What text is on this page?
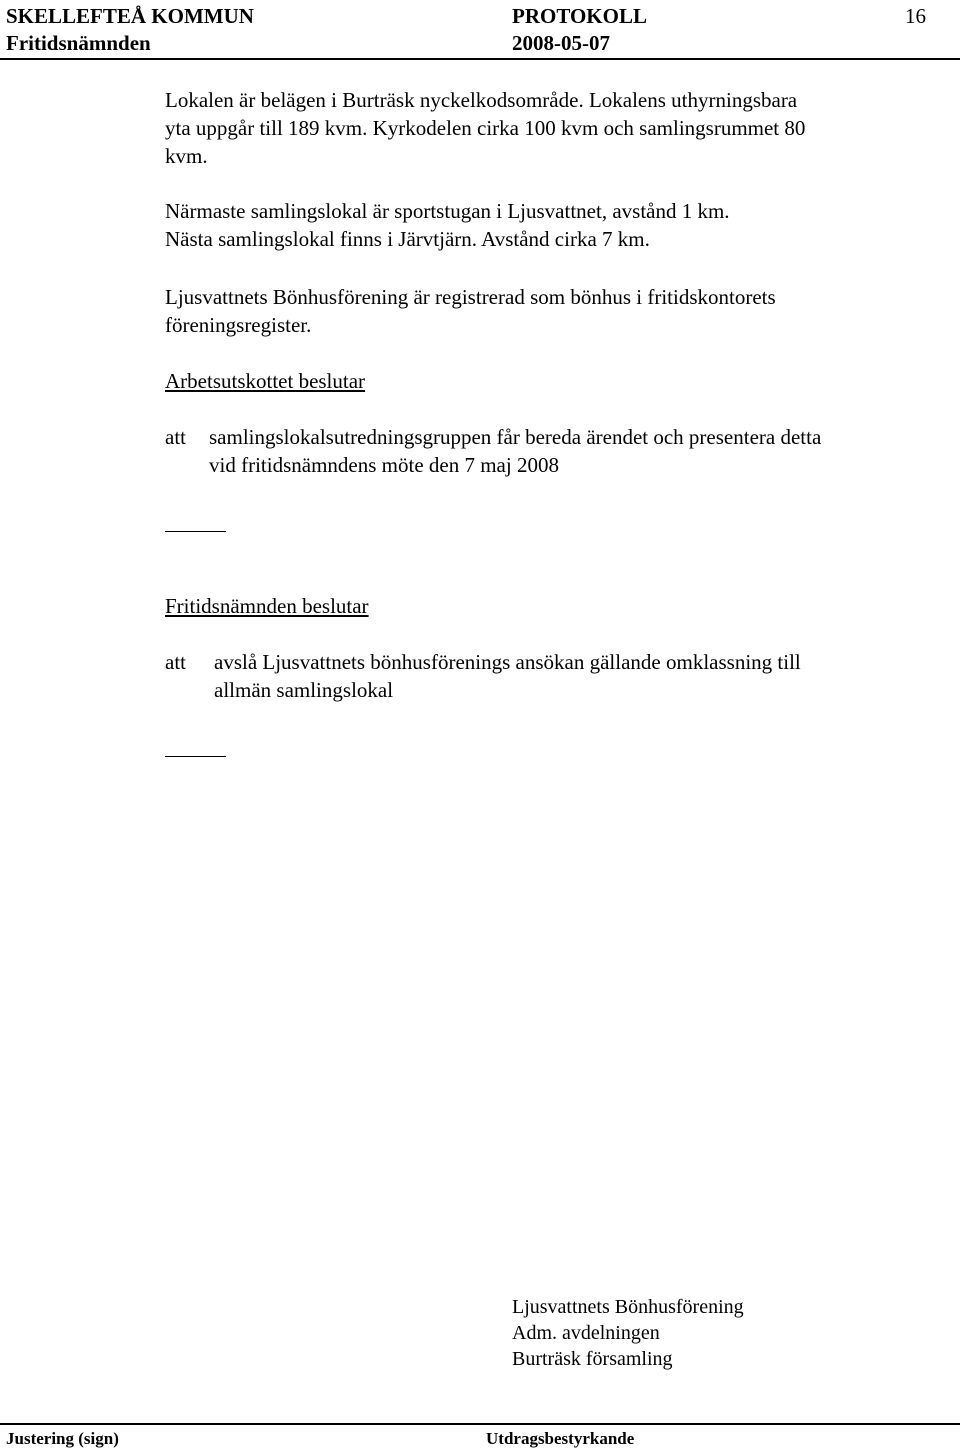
SKELLEFTEÅ KOMMUN	PROTOKOLL	16
Fritidsnämnden	2008-05-07
Lokalen är belägen i Burträsk nyckelkodsområde. Lokalens uthyrningsbara
yta uppgår till 189 kvm. Kyrkodelen cirka 100 kvm och samlingsrummet 80
kvm.
Närmaste samlingslokal är sportstugan i Ljusvattnet, avstånd 1 km.
Nästa samlingslokal finns i Järvtjärn. Avstånd cirka 7 km.
Ljusvattnets Bönhusförening är registrerad som bönhus i fritidskontorets
föreningsregister.
Arbetsutskottet beslutar
att samlingslokalsutredningsgruppen får bereda ärendet och presentera detta
vid fritidsnämndens möte den 7 maj 2008
Fritidsnämnden beslutar
att avslå Ljusvattnets bönhusförenings ansökan gällande omklassning till
allmän samlingslokal
Ljusvattnets Bönhusförening
Adm. avdelningen
Burträsk församling
Justering (sign)	Utdragsbestyrkande
